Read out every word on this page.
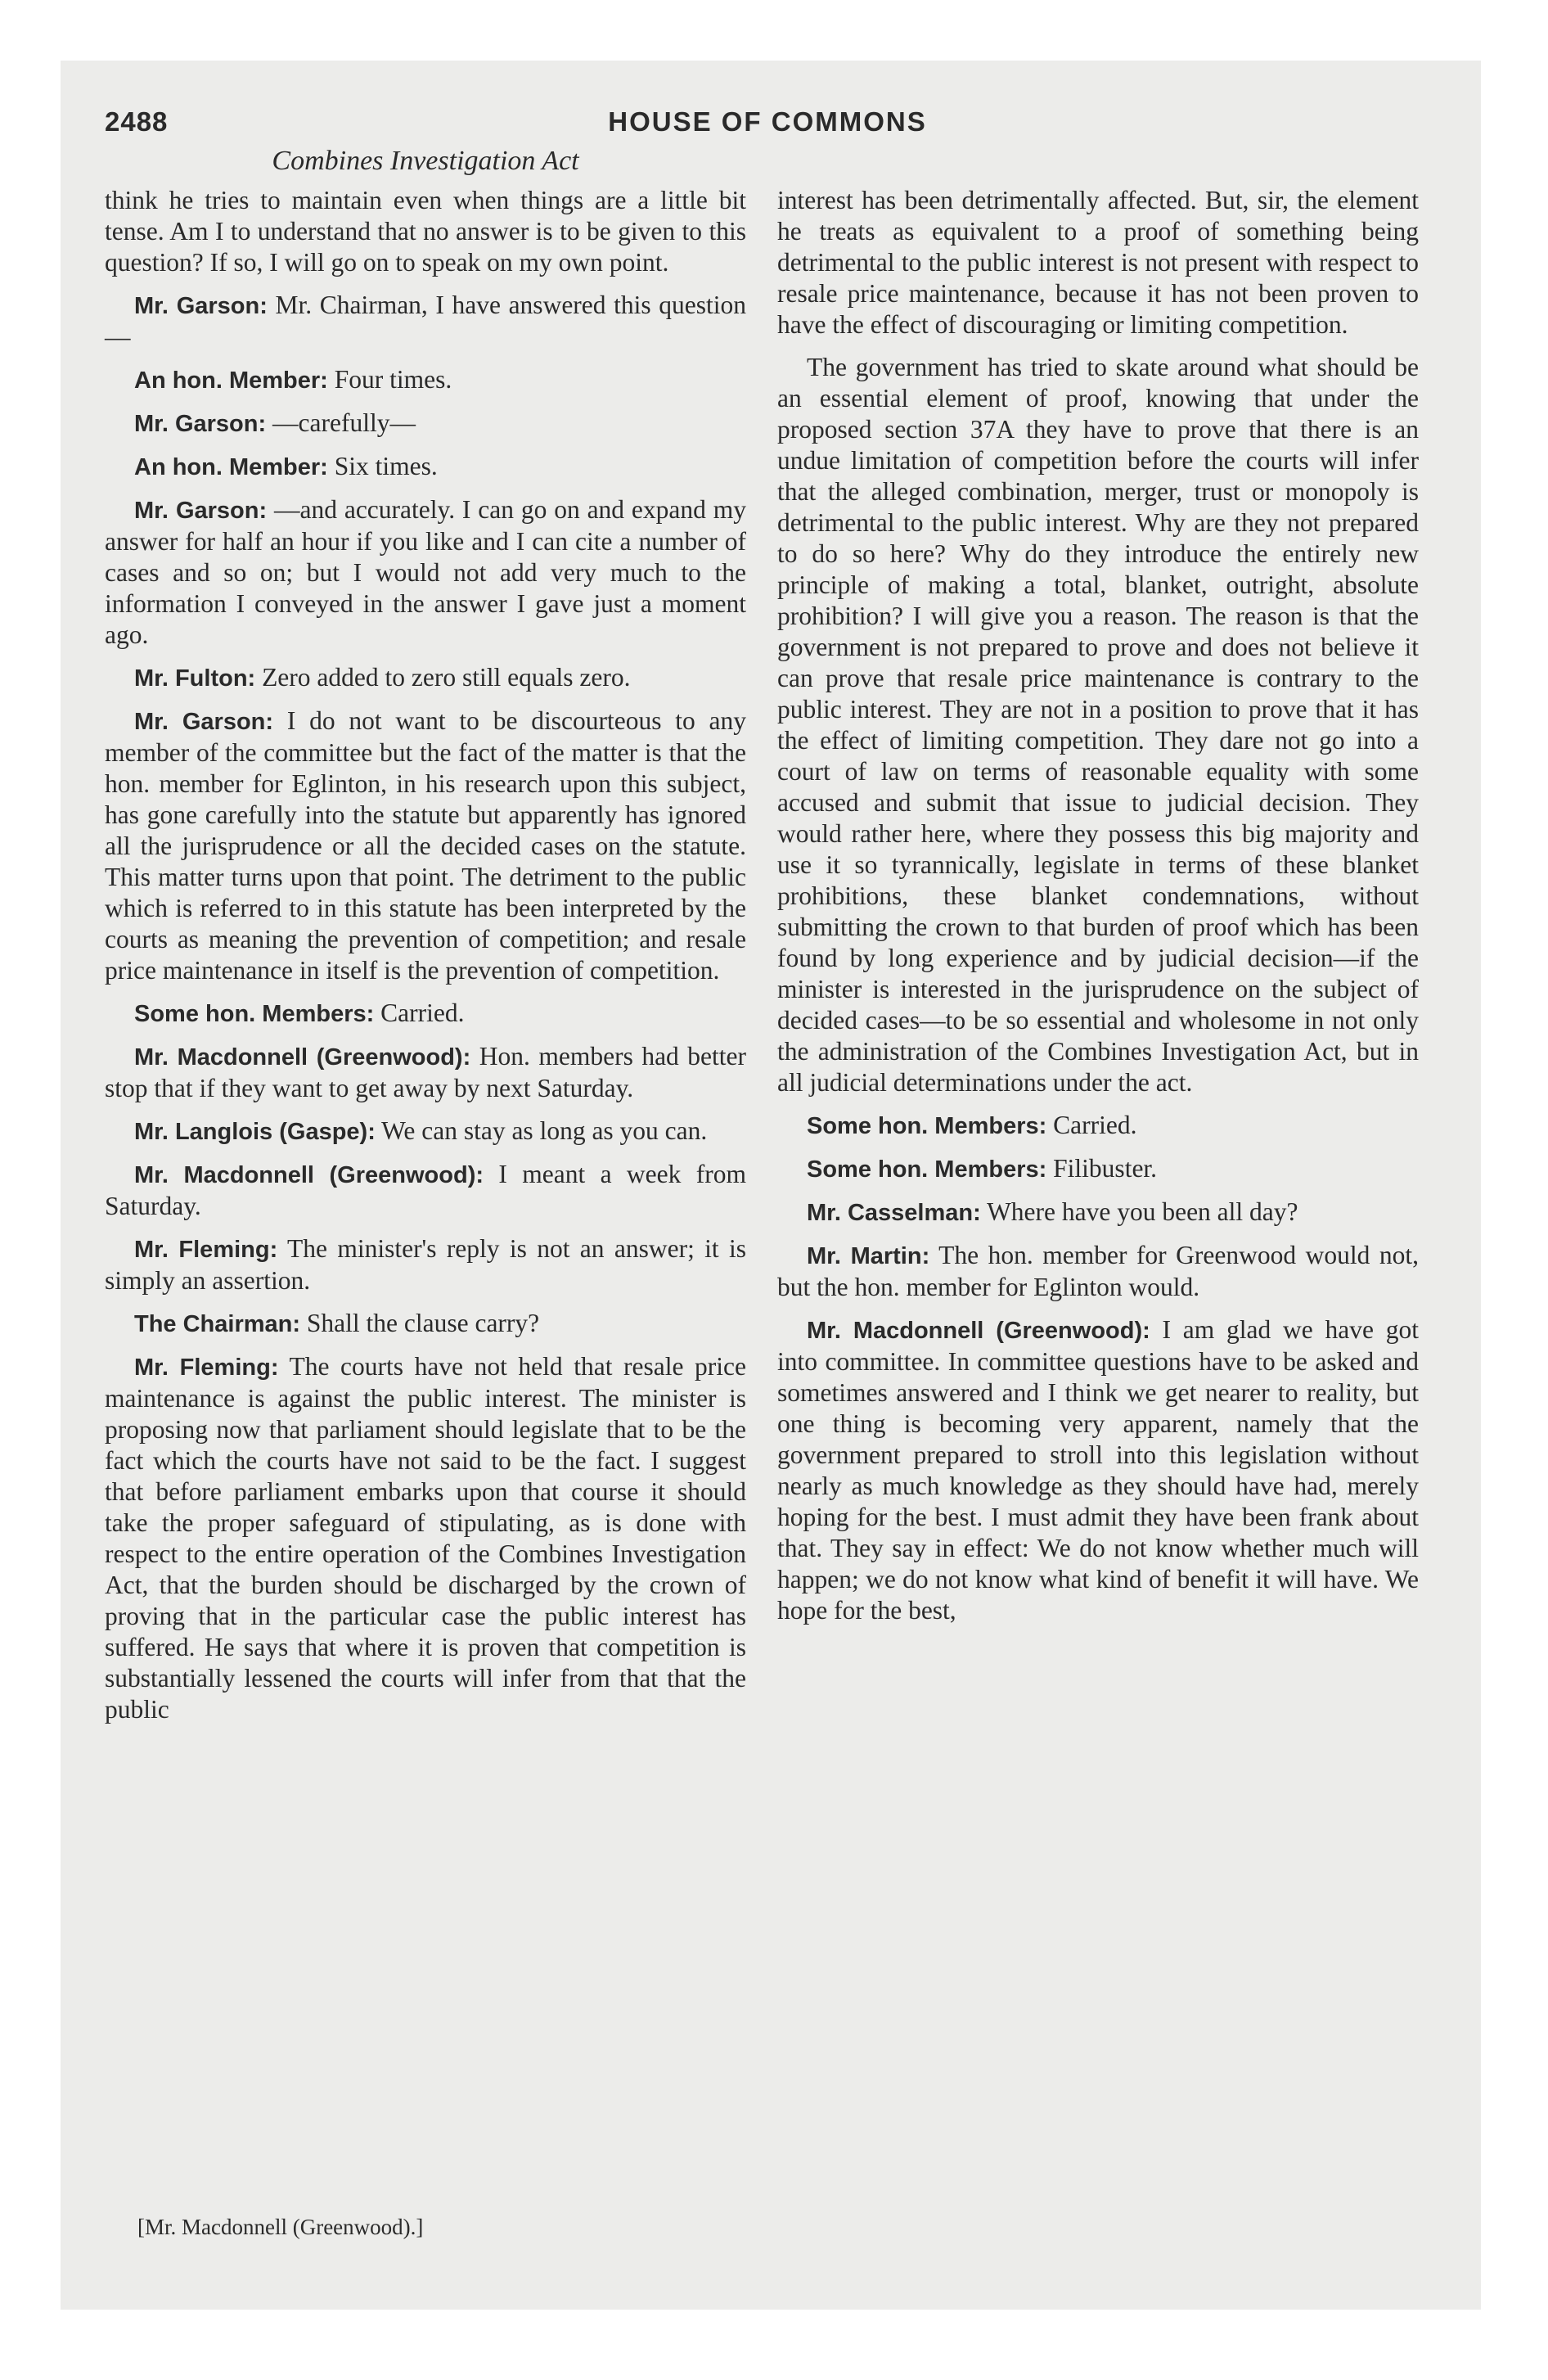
2488	HOUSE OF COMMONS
Combines Investigation Act

think he tries to maintain even when things are a little bit tense. Am I to understand that no answer is to be given to this question? If so, I will go on to speak on my own point.

Mr. Garson: Mr. Chairman, I have answered this question—

An hon. Member: Four times.

Mr. Garson: —carefully—

An hon. Member: Six times.

Mr. Garson: —and accurately. I can go on and expand my answer for half an hour if you like and I can cite a number of cases and so on; but I would not add very much to the information I conveyed in the answer I gave just a moment ago.

Mr. Fulton: Zero added to zero still equals zero.

Mr. Garson: I do not want to be discourteous to any member of the committee but the fact of the matter is that the hon. member for Eglinton, in his research upon this subject, has gone carefully into the statute but apparently has ignored all the jurisprudence or all the decided cases on the statute. This matter turns upon that point. The detriment to the public which is referred to in this statute has been interpreted by the courts as meaning the prevention of competition; and resale price maintenance in itself is the prevention of competition.

Some hon. Members: Carried.

Mr. Macdonnell (Greenwood): Hon. members had better stop that if they want to get away by next Saturday.

Mr. Langlois (Gaspe): We can stay as long as you can.

Mr. Macdonnell (Greenwood): I meant a week from Saturday.

Mr. Fleming: The minister's reply is not an answer; it is simply an assertion.

The Chairman: Shall the clause carry?

Mr. Fleming: The courts have not held that resale price maintenance is against the public interest. The minister is proposing now that parliament should legislate that to be the fact which the courts have not said to be the fact. I suggest that before parliament embarks upon that course it should take the proper safeguard of stipulating, as is done with respect to the entire operation of the Combines Investigation Act, that the burden should be discharged by the crown of proving that in the particular case the public interest has suffered. He says that where it is proven that competition is substantially lessened the courts will infer from that that the public

interest has been detrimentally affected. But, sir, the element he treats as equivalent to a proof of something being detrimental to the public interest is not present with respect to resale price maintenance, because it has not been proven to have the effect of discouraging or limiting competition.

The government has tried to skate around what should be an essential element of proof, knowing that under the proposed section 37A they have to prove that there is an undue limitation of competition before the courts will infer that the alleged combination, merger, trust or monopoly is detrimental to the public interest. Why are they not prepared to do so here? Why do they introduce the entirely new principle of making a total, blanket, outright, absolute prohibition? I will give you a reason. The reason is that the government is not prepared to prove and does not believe it can prove that resale price maintenance is contrary to the public interest. They are not in a position to prove that it has the effect of limiting competition. They dare not go into a court of law on terms of reasonable equality with some accused and submit that issue to judicial decision. They would rather here, where they possess this big majority and use it so tyrannically, legislate in terms of these blanket prohibitions, these blanket condemnations, without submitting the crown to that burden of proof which has been found by long experience and by judicial decision—if the minister is interested in the jurisprudence on the subject of decided cases—to be so essential and wholesome in not only the administration of the Combines Investigation Act, but in all judicial determinations under the act.

Some hon. Members: Carried.

Some hon. Members: Filibuster.

Mr. Casselman: Where have you been all day?

Mr. Martin: The hon. member for Greenwood would not, but the hon. member for Eglinton would.

Mr. Macdonnell (Greenwood): I am glad we have got into committee. In committee questions have to be asked and sometimes answered and I think we get nearer to reality, but one thing is becoming very apparent, namely that the government prepared to stroll into this legislation without nearly as much knowledge as they should have had, merely hoping for the best. I must admit they have been frank about that. They say in effect: We do not know whether much will happen; we do not know what kind of benefit it will have. We hope for the best,

[Mr. Macdonnell (Greenwood).]
